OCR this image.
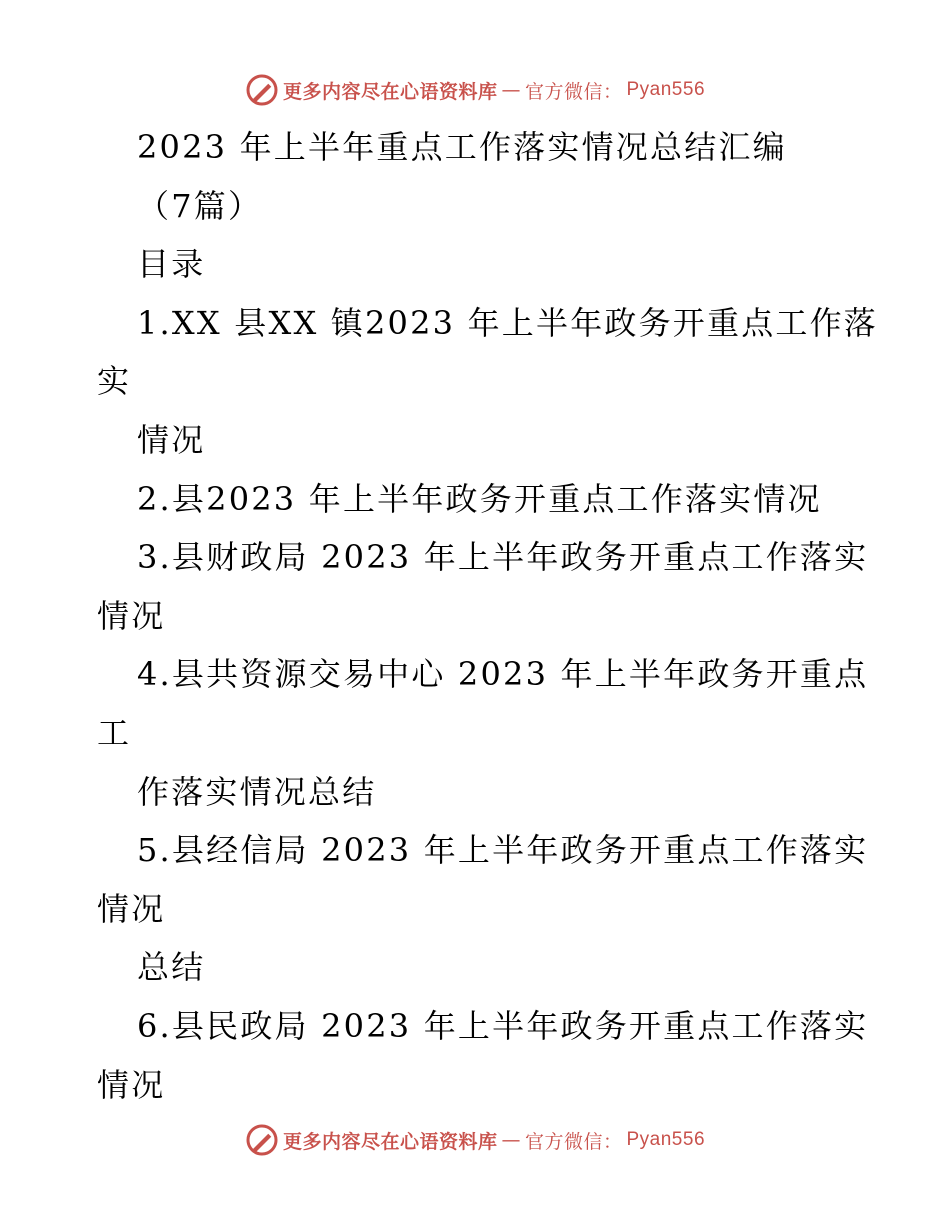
更多内容尽在心语资料库 — 官方微信： Pyan556
2023 年上半年重点工作落实情况总结汇编
（7篇）
目录
1.XX 县XX 镇2023 年上半年政务开重点工作落
实
情况
2.县2023 年上半年政务开重点工作落实情况
3.县财政局 2023 年上半年政务开重点工作落实
情况
4.县共资源交易中心 2023 年上半年政务开重点
工
作落实情况总结
5.县经信局 2023 年上半年政务开重点工作落实
情况
总结
6.县民政局 2023 年上半年政务开重点工作落实
情况
更多内容尽在心语资料库 — 官方微信： Pyan556
